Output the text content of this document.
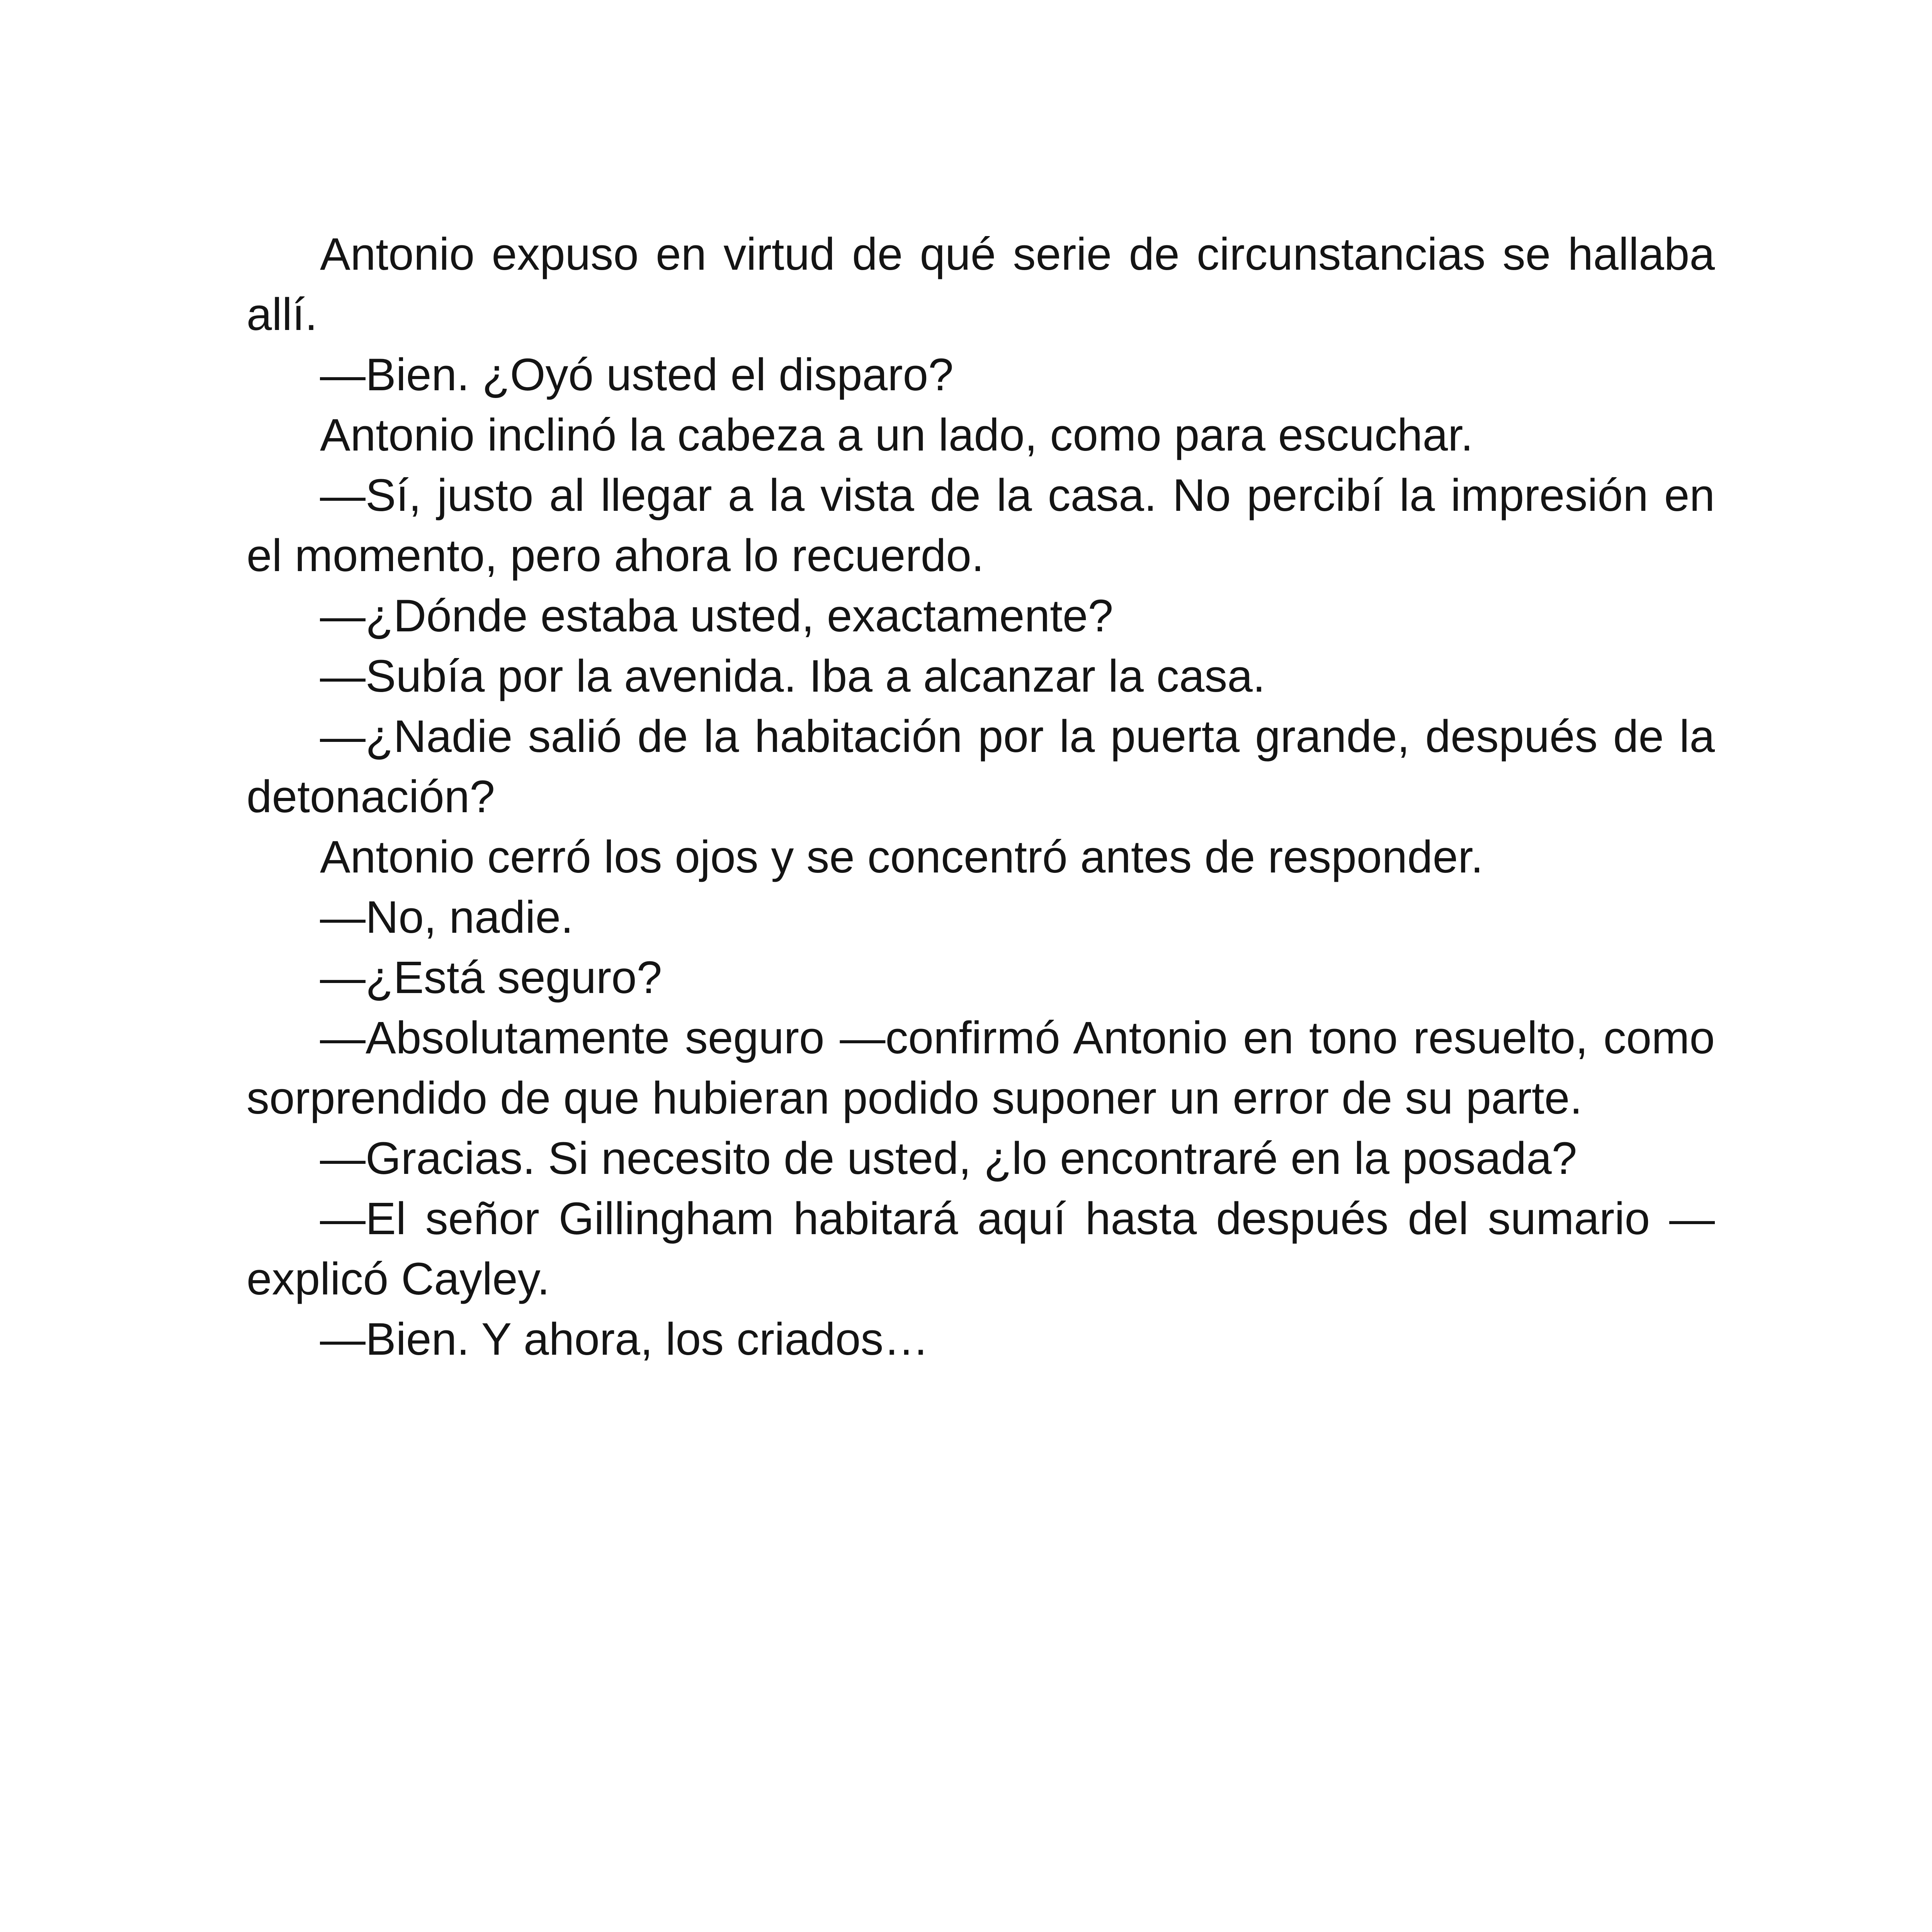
Antonio expuso en virtud de qué serie de circunstancias se hallaba allí.

—Bien. ¿Oyó usted el disparo?

Antonio inclinó la cabeza a un lado, como para escuchar.

—Sí, justo al llegar a la vista de la casa. No percibí la impresión en el momento, pero ahora lo recuerdo.

—¿Dónde estaba usted, exactamente?

—Subía por la avenida. Iba a alcanzar la casa.

—¿Nadie salió de la habitación por la puerta grande, después de la detonación?

Antonio cerró los ojos y se concentró antes de responder.

—No, nadie.

—¿Está seguro?

—Absolutamente seguro —confirmó Antonio en tono resuelto, como sorprendido de que hubieran podido suponer un error de su parte.

—Gracias. Si necesito de usted, ¿lo encontraré en la posada?

—El señor Gillingham habitará aquí hasta después del sumario —explicó Cayley.

—Bien. Y ahora, los criados…
